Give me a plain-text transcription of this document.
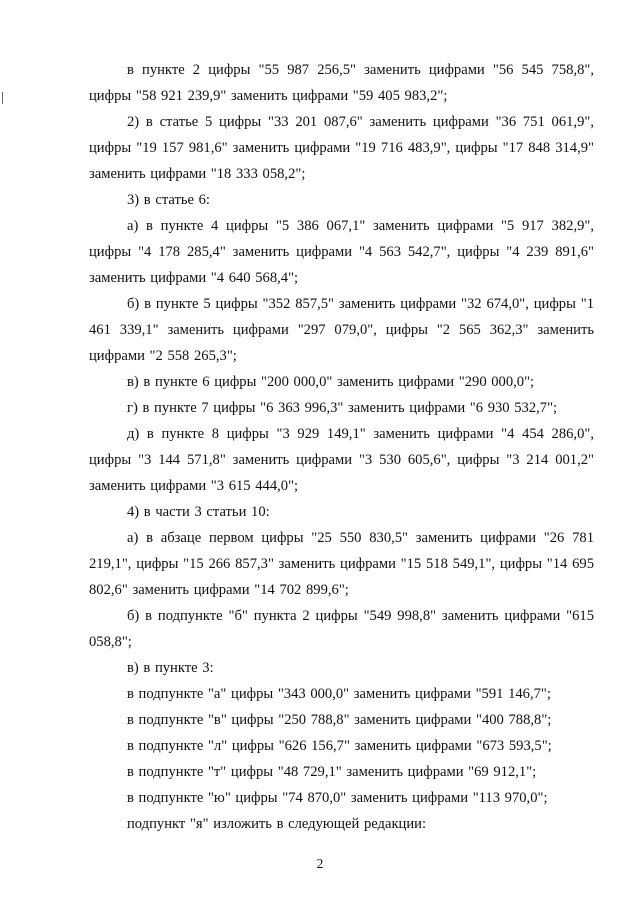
в пункте 2 цифры "55 987 256,5" заменить цифрами "56 545 758,8", цифры "58 921 239,9" заменить цифрами "59 405 983,2";

2) в статье 5 цифры "33 201 087,6" заменить цифрами "36 751 061,9", цифры "19 157 981,6" заменить цифрами "19 716 483,9", цифры "17 848 314,9" заменить цифрами "18 333 058,2";

3) в статье 6:

а) в пункте 4 цифры "5 386 067,1" заменить цифрами "5 917 382,9", цифры "4 178 285,4" заменить цифрами "4 563 542,7", цифры "4 239 891,6" заменить цифрами "4 640 568,4";

б) в пункте 5 цифры "352 857,5" заменить цифрами "32 674,0", цифры "1 461 339,1" заменить цифрами "297 079,0", цифры "2 565 362,3" заменить цифрами "2 558 265,3";

в) в пункте 6 цифры "200 000,0" заменить цифрами "290 000,0";

г) в пункте 7 цифры "6 363 996,3" заменить цифрами "6 930 532,7";

д) в пункте 8 цифры "3 929 149,1" заменить цифрами "4 454 286,0", цифры "3 144 571,8" заменить цифрами "3 530 605,6", цифры "3 214 001,2" заменить цифрами "3 615 444,0";

4) в части 3 статьи 10:

а) в абзаце первом цифры "25 550 830,5" заменить цифрами "26 781 219,1", цифры "15 266 857,3" заменить цифрами "15 518 549,1", цифры "14 695 802,6" заменить цифрами "14 702 899,6";

б) в подпункте "б" пункта 2 цифры "549 998,8" заменить цифрами "615 058,8";

в) в пункте 3:

в подпункте "а" цифры "343 000,0" заменить цифрами "591 146,7";

в подпункте "в" цифры "250 788,8" заменить цифрами "400 788,8";

в подпункте "л" цифры "626 156,7" заменить цифрами "673 593,5";

в подпункте "т" цифры "48 729,1" заменить цифрами "69 912,1";

в подпункте "ю" цифры "74 870,0" заменить цифрами "113 970,0";

подпункт "я" изложить в следующей редакции:

2
